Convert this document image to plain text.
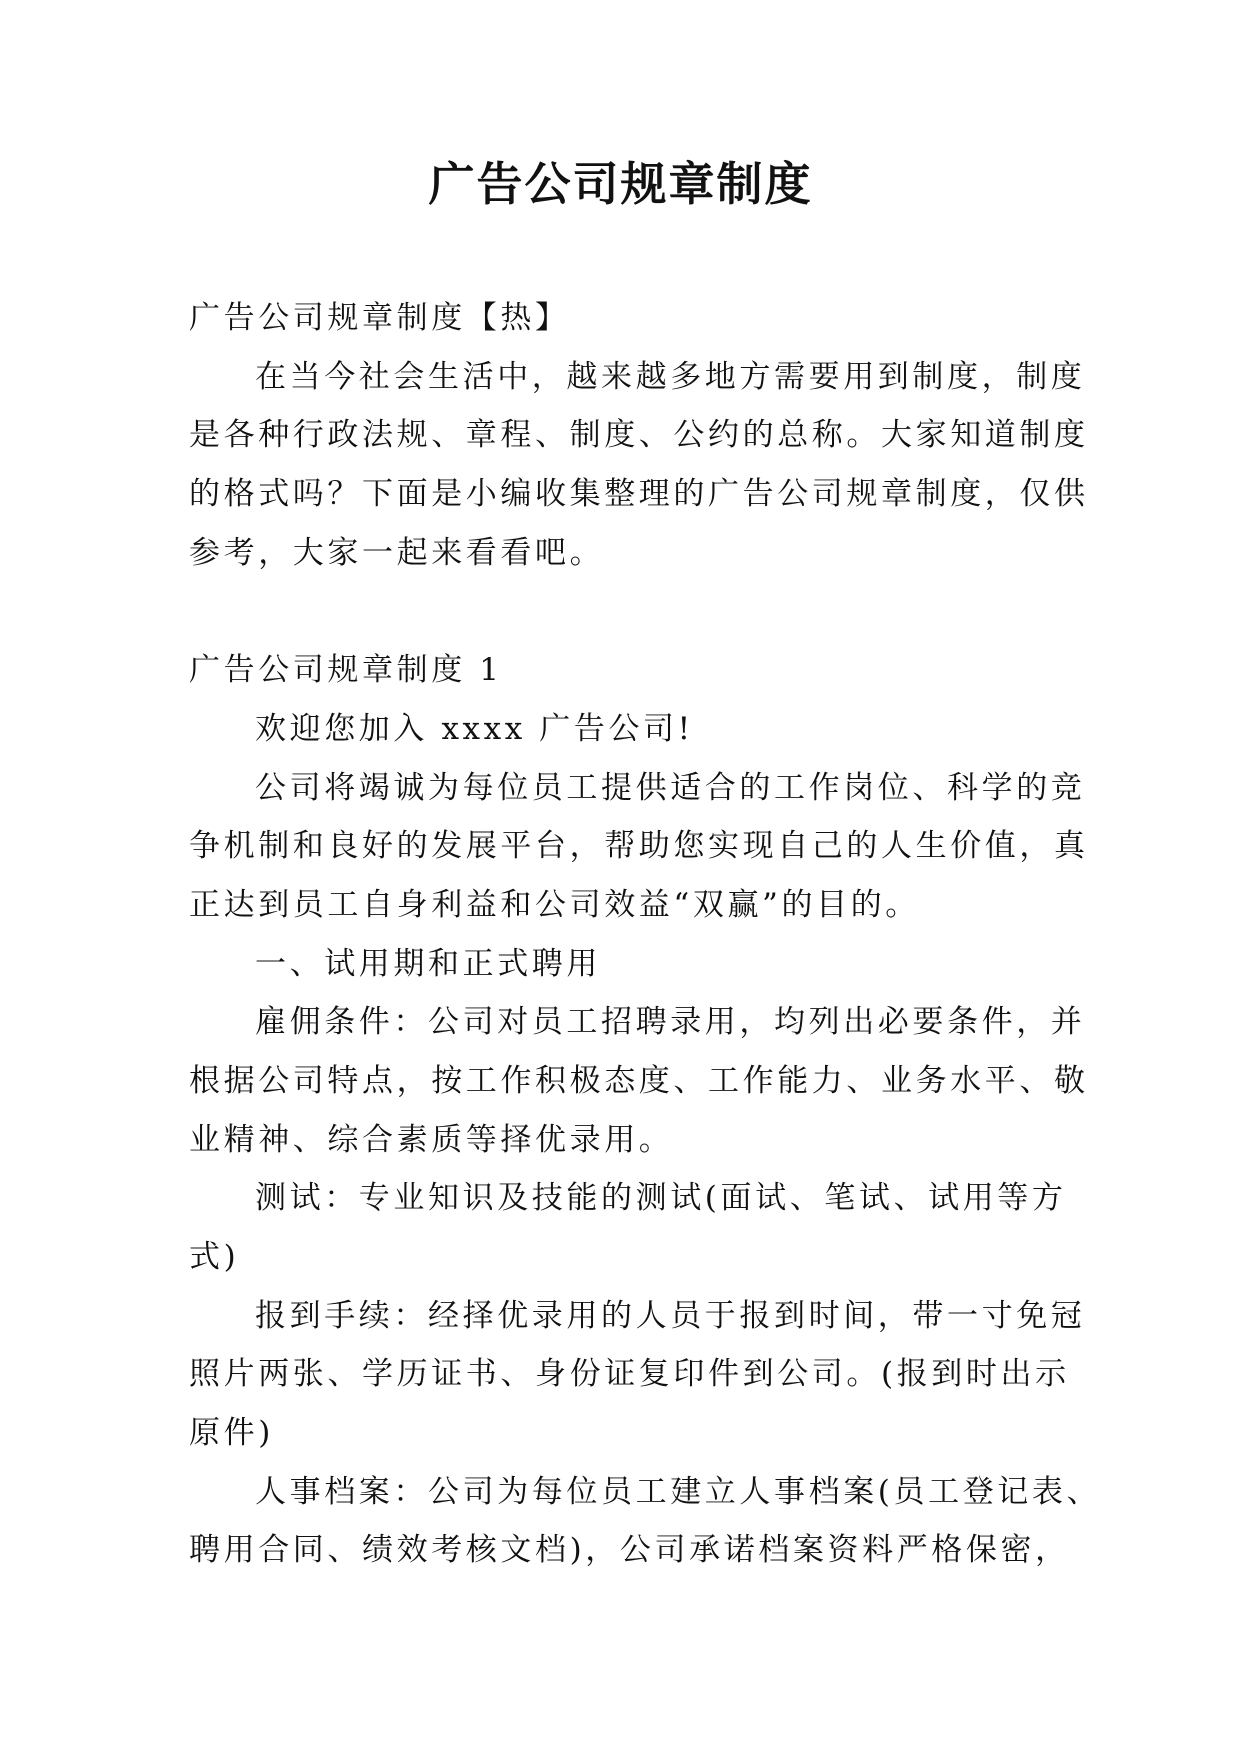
广告公司规章制度

广告公司规章制度【热】

在当今社会生活中，越来越多地方需要用到制度，制度

是各种行政法规、章程、制度、公约的总称。大家知道制度

的格式吗？下面是小编收集整理的广告公司规章制度，仅供

参考，大家一起来看看吧。

广告公司规章制度 1

欢迎您加入 xxxx 广告公司!

公司将竭诚为每位员工提供适合的工作岗位、科学的竞

争机制和良好的发展平台，帮助您实现自己的人生价值，真

正达到员工自身利益和公司效益“双赢”的目的。

一、试用期和正式聘用

雇佣条件：公司对员工招聘录用，均列出必要条件，并

根据公司特点，按工作积极态度、工作能力、业务水平、敬

业精神、综合素质等择优录用。

测试：专业知识及技能的测试(面试、笔试、试用等方

式)

报到手续：经择优录用的人员于报到时间，带一寸免冠

照片两张、学历证书、身份证复印件到公司。(报到时出示

原件)

人事档案：公司为每位员工建立人事档案(员工登记表、

聘用合同、绩效考核文档)，公司承诺档案资料严格保密，
